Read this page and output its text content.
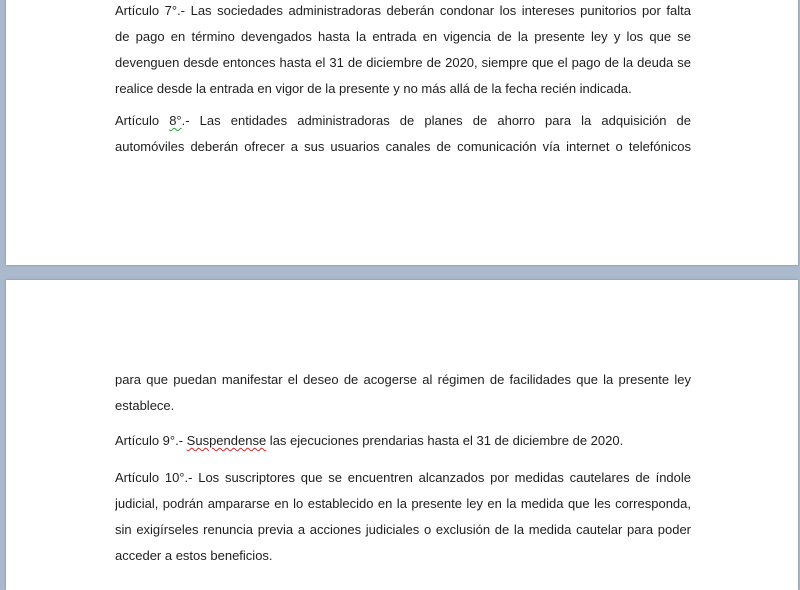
Artículo 7°.- Las sociedades administradoras deberán condonar los intereses punitorios por falta
de pago en término devengados hasta la entrada en vigencia de la presente ley y los que se
devenguen desde entonces hasta el 31 de diciembre de 2020, siempre que el pago de la deuda se
realice desde la entrada en vigor de la presente y no más allá de la fecha recién indicada.

Artículo 8°.- Las entidades administradoras de planes de ahorro para la adquisición de
automóviles deberán ofrecer a sus usuarios canales de comunicación vía internet o telefónicos

para que puedan manifestar el deseo de acogerse al régimen de facilidades que la presente ley
establece.

Artículo 9°.- Suspendense las ejecuciones prendarias hasta el 31 de diciembre de 2020.

Artículo 10°.- Los suscriptores que se encuentren alcanzados por medidas cautelares de índole
judicial, podrán ampararse en lo establecido en la presente ley en la medida que les corresponda,
sin exigírseles renuncia previa a acciones judiciales o exclusión de la medida cautelar para poder
acceder a estos beneficios.
